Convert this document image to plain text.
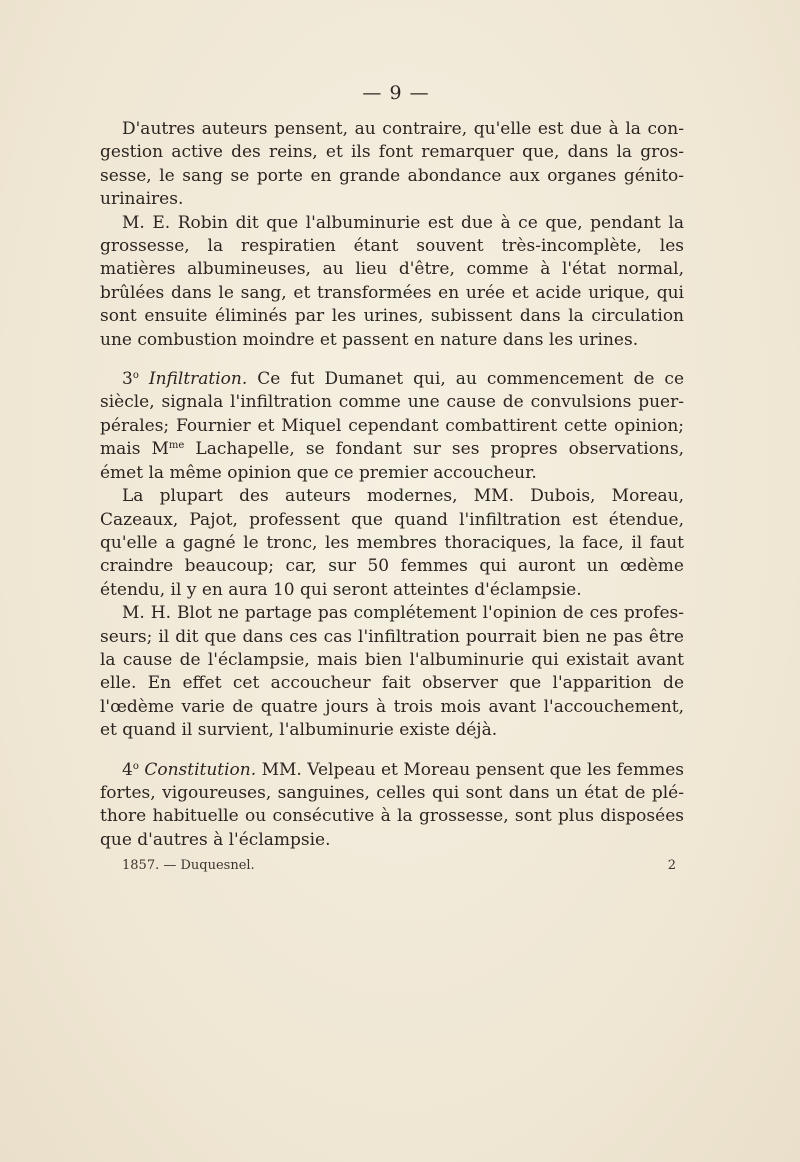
— 9 —

D'autres auteurs pensent, au contraire, qu'elle est due à la congestion active des reins, et ils font remarquer que, dans la grossesse, le sang se porte en grande abondance aux organes génito-urinaires.

M. E. Robin dit que l'albuminurie est due à ce que, pendant la grossesse, la respiratien étant souvent très-incomplète, les matières albumineuses, au lieu d'être, comme à l'état normal, brûlées dans le sang, et transformées en urée et acide urique, qui sont ensuite éliminés par les urines, subissent dans la circulation une combustion moindre et passent en nature dans les urines.

3$^o$ Infiltration. Ce fut Dumanet qui, au commencement de ce siècle, signala l'infiltration comme une cause de convulsions puerpérales; Fournier et Miquel cependant combattirent cette opinion; mais $M^{me}$ Lachapelle, se fondant sur ses propres observations, émet la même opinion que ce premier accoucheur.

La plupart des auteurs modernes, MM. Dubois, Moreau, Cazeaux, Pajot, professent que quand l'infiltration est étendue, qu'elle a gagné le tronc, les membres thoraciques, la face, il faut craindre beaucoup; car, sur 50 femmes qui auront un œdème étendu, il y en aura 10 qui seront atteintes d'éclampsie.

M. H. Blot ne partage pas complétement l'opinion de ces professeurs; il dit que dans ces cas l'infiltration pourrait bien ne pas être la cause de l'éclampsie, mais bien l'albuminurie qui existait avant elle. En effet cet accoucheur fait observer que l'apparition de l'œdème varie de quatre jours à trois mois avant l'accouchement, et quand il survient, l'albuminurie existe déjà.

4$^o$ Constitution. MM. Velpeau et Moreau pensent que les femmes fortes, vigoureuses, sanguines, celles qui sont dans un état de pléthore habituelle ou consécutive à la grossesse, sont plus disposées que d'autres à l'éclampsie.

1857. — Duquesnel.	2
